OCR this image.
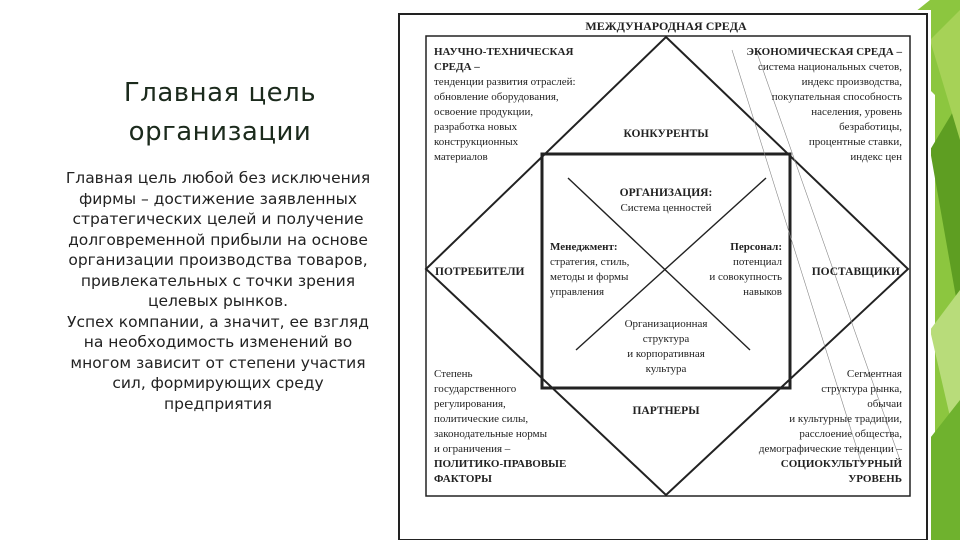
Главная цель
организации
Главная цель любой без исключения
фирмы – достижение заявленных
стратегических целей и получение
долговременной прибыли на основе
организации производства товаров,
привлекательных с точки зрения
целевых рынков.
Успех компании, а значит, ее взгляд
на необходимость изменений во
многом зависит от степени участия
сил, формирующих среду
предприятия
МЕЖДУНАРОДНАЯ СРЕДА
НАУЧНО-ТЕХНИЧЕСКАЯ
СРЕДА –
тенденции развития отраслей:
обновление оборудования,
освоение продукции,
разработка новых
конструкционных
материалов
ЭКОНОМИЧЕСКАЯ СРЕДА –
система национальных счетов,
индекс производства,
покупательная способность
населения, уровень
безработицы,
процентные ставки,
индекс цен
КОНКУРЕНТЫ
ПОТРЕБИТЕЛИ	ПОСТАВЩИКИ
ПАРТНЕРЫ
ОРГАНИЗАЦИЯ:
Система ценностей
Менеджмент:
стратегия, стиль,
методы и формы
управления
Персонал:
потенциал
и совокупность
навыков
Организационная
структура
и корпоративная
культура
Степень
государственного
регулирования,
политические силы,
законодательные нормы
и ограничения –
ПОЛИТИКО-ПРАВОВЫЕ
ФАКТОРЫ
Сегментная
структура рынка,
обычаи
и культурные традиции,
расслоение общества,
демографические тенденции –
СОЦИОКУЛЬТУРНЫЙ
УРОВЕНЬ
